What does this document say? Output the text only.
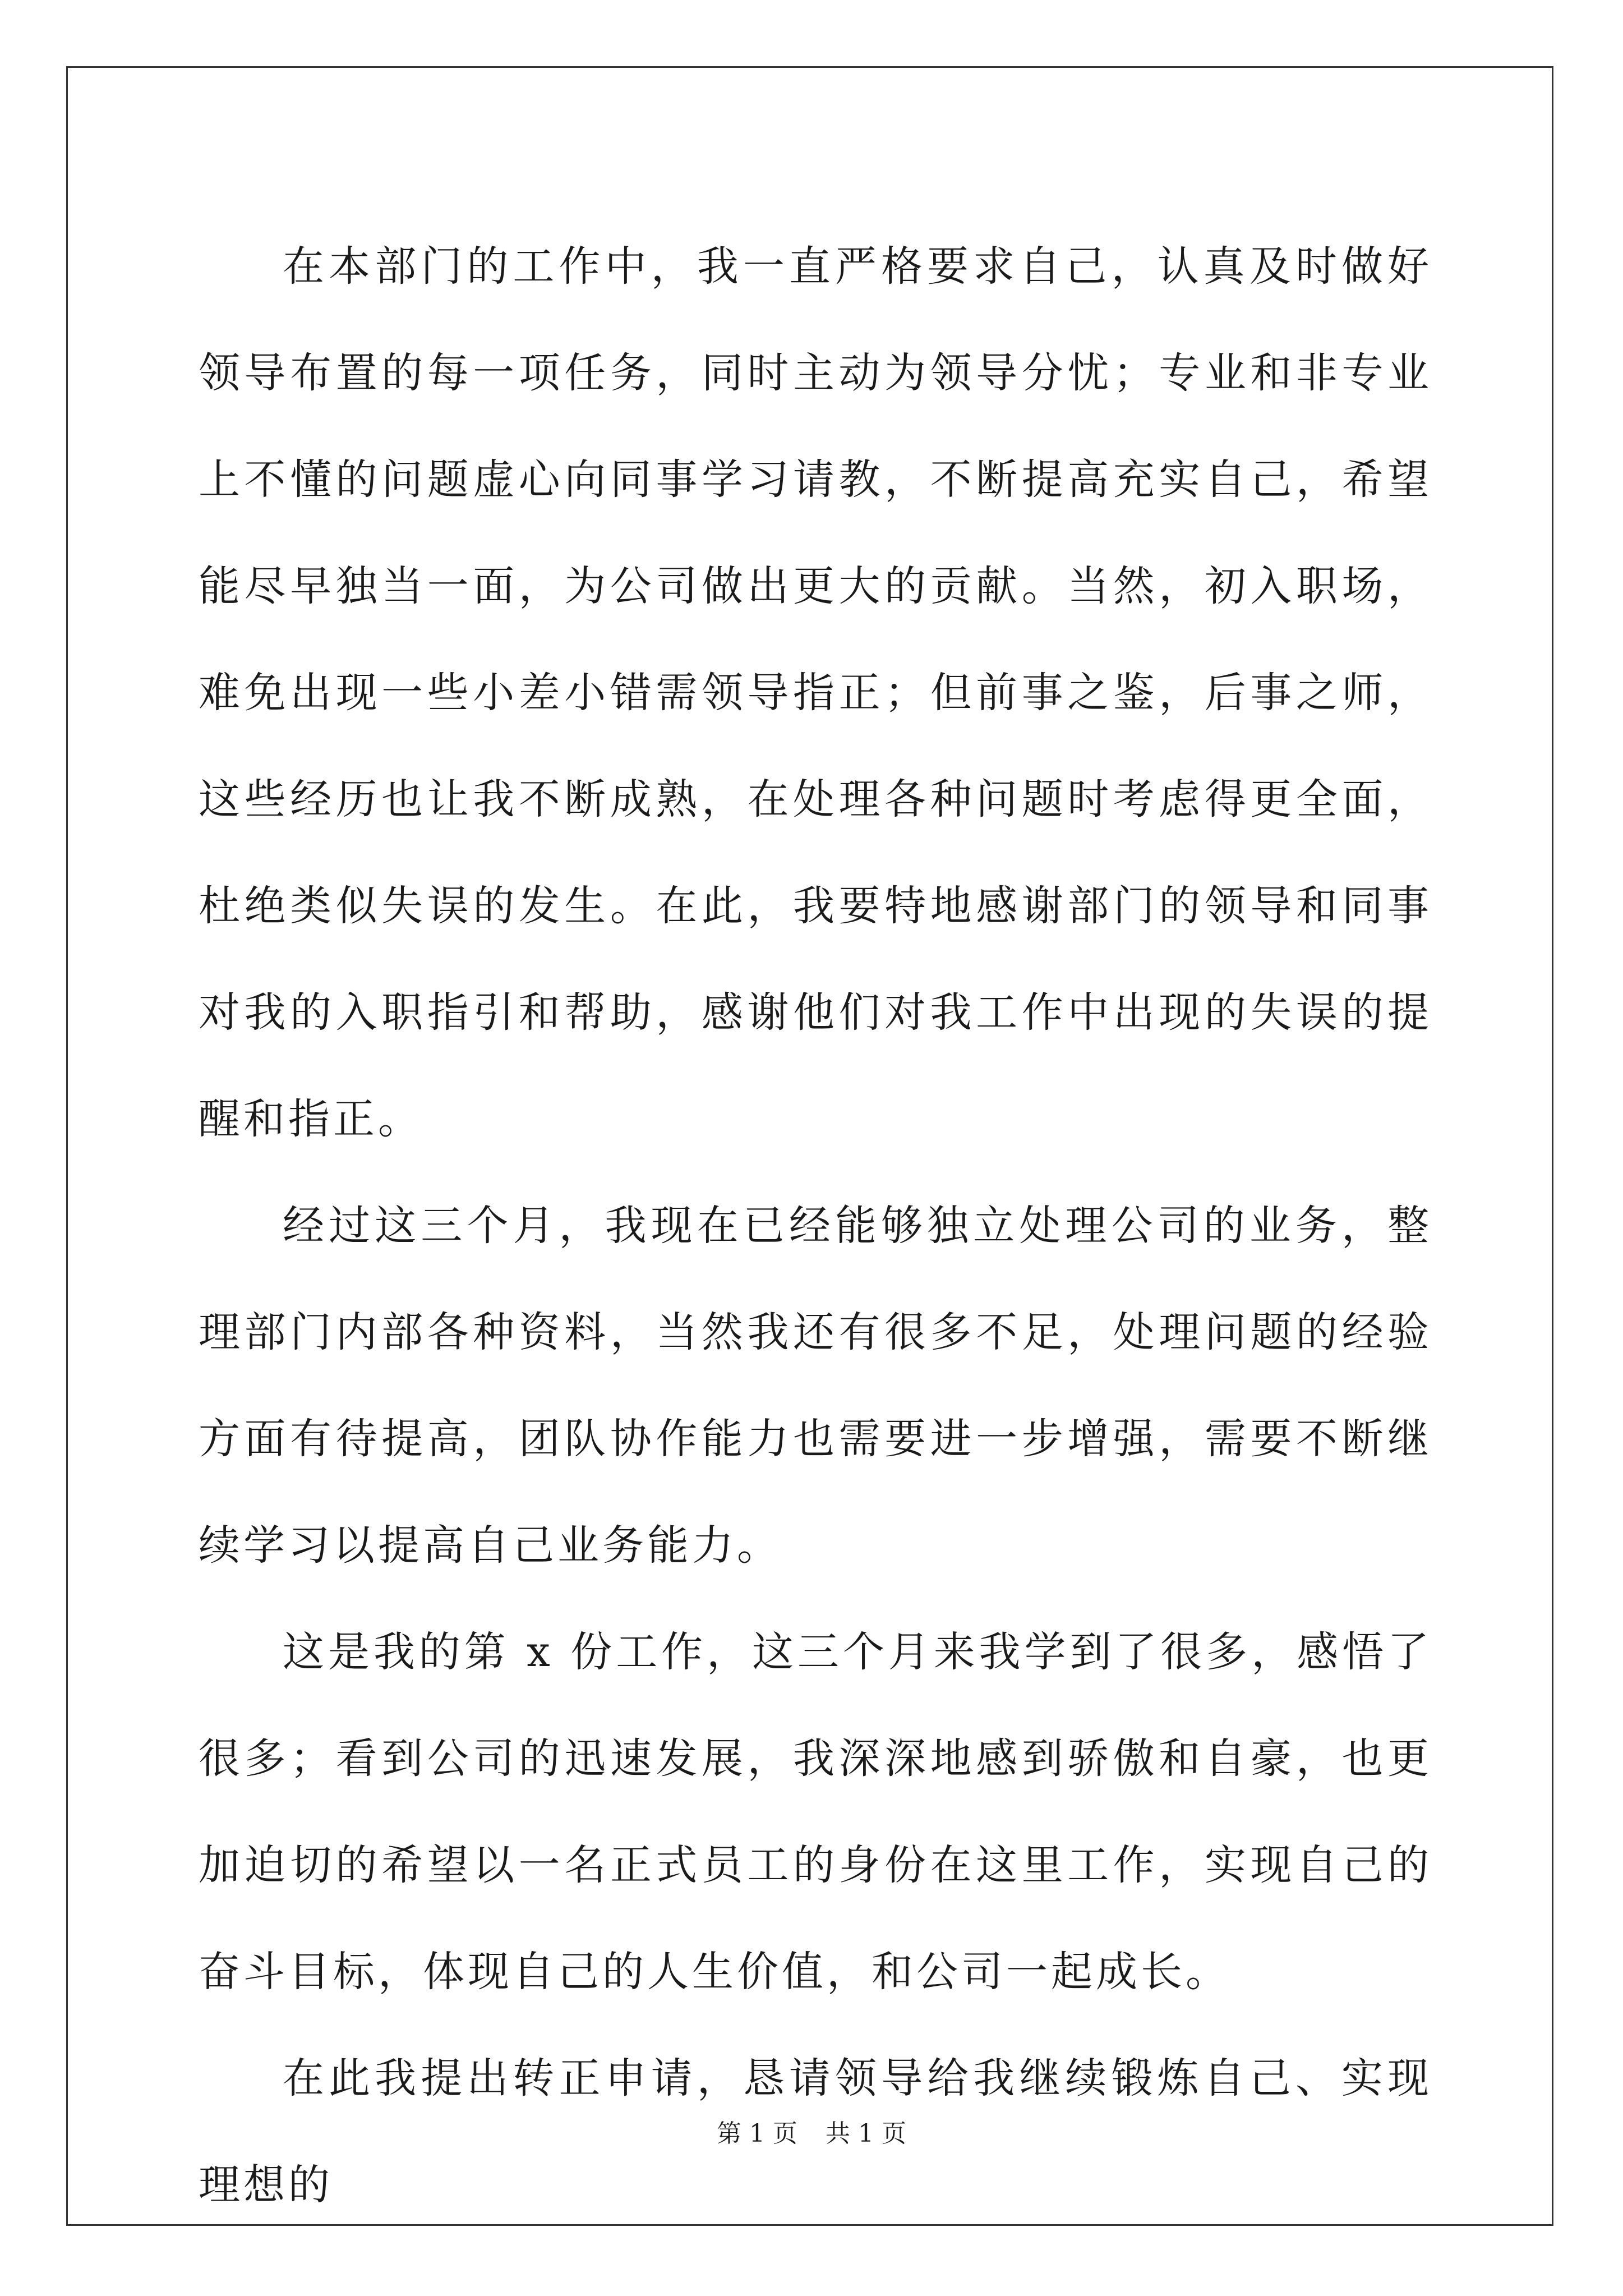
在本部门的工作中，我一直严格要求自己，认真及时做好领导布置的每一项任务，同时主动为领导分忧；专业和非专业上不懂的问题虚心向同事学习请教，不断提高充实自己，希望能尽早独当一面，为公司做出更大的贡献。当然，初入职场，难免出现一些小差小错需领导指正；但前事之鉴，后事之师，这些经历也让我不断成熟，在处理各种问题时考虑得更全面，杜绝类似失误的发生。在此，我要特地感谢部门的领导和同事对我的入职指引和帮助，感谢他们对我工作中出现的失误的提醒和指正。

经过这三个月，我现在已经能够独立处理公司的业务，整理部门内部各种资料，当然我还有很多不足，处理问题的经验方面有待提高，团队协作能力也需要进一步增强，需要不断继续学习以提高自己业务能力。

这是我的第 x 份工作，这三个月来我学到了很多，感悟了很多；看到公司的迅速发展，我深深地感到骄傲和自豪，也更加迫切的希望以一名正式员工的身份在这里工作，实现自己的奋斗目标，体现自己的人生价值，和公司一起成长。

在此我提出转正申请，恳请领导给我继续锻炼自己、实现理想的

第 1 页 共 1 页
